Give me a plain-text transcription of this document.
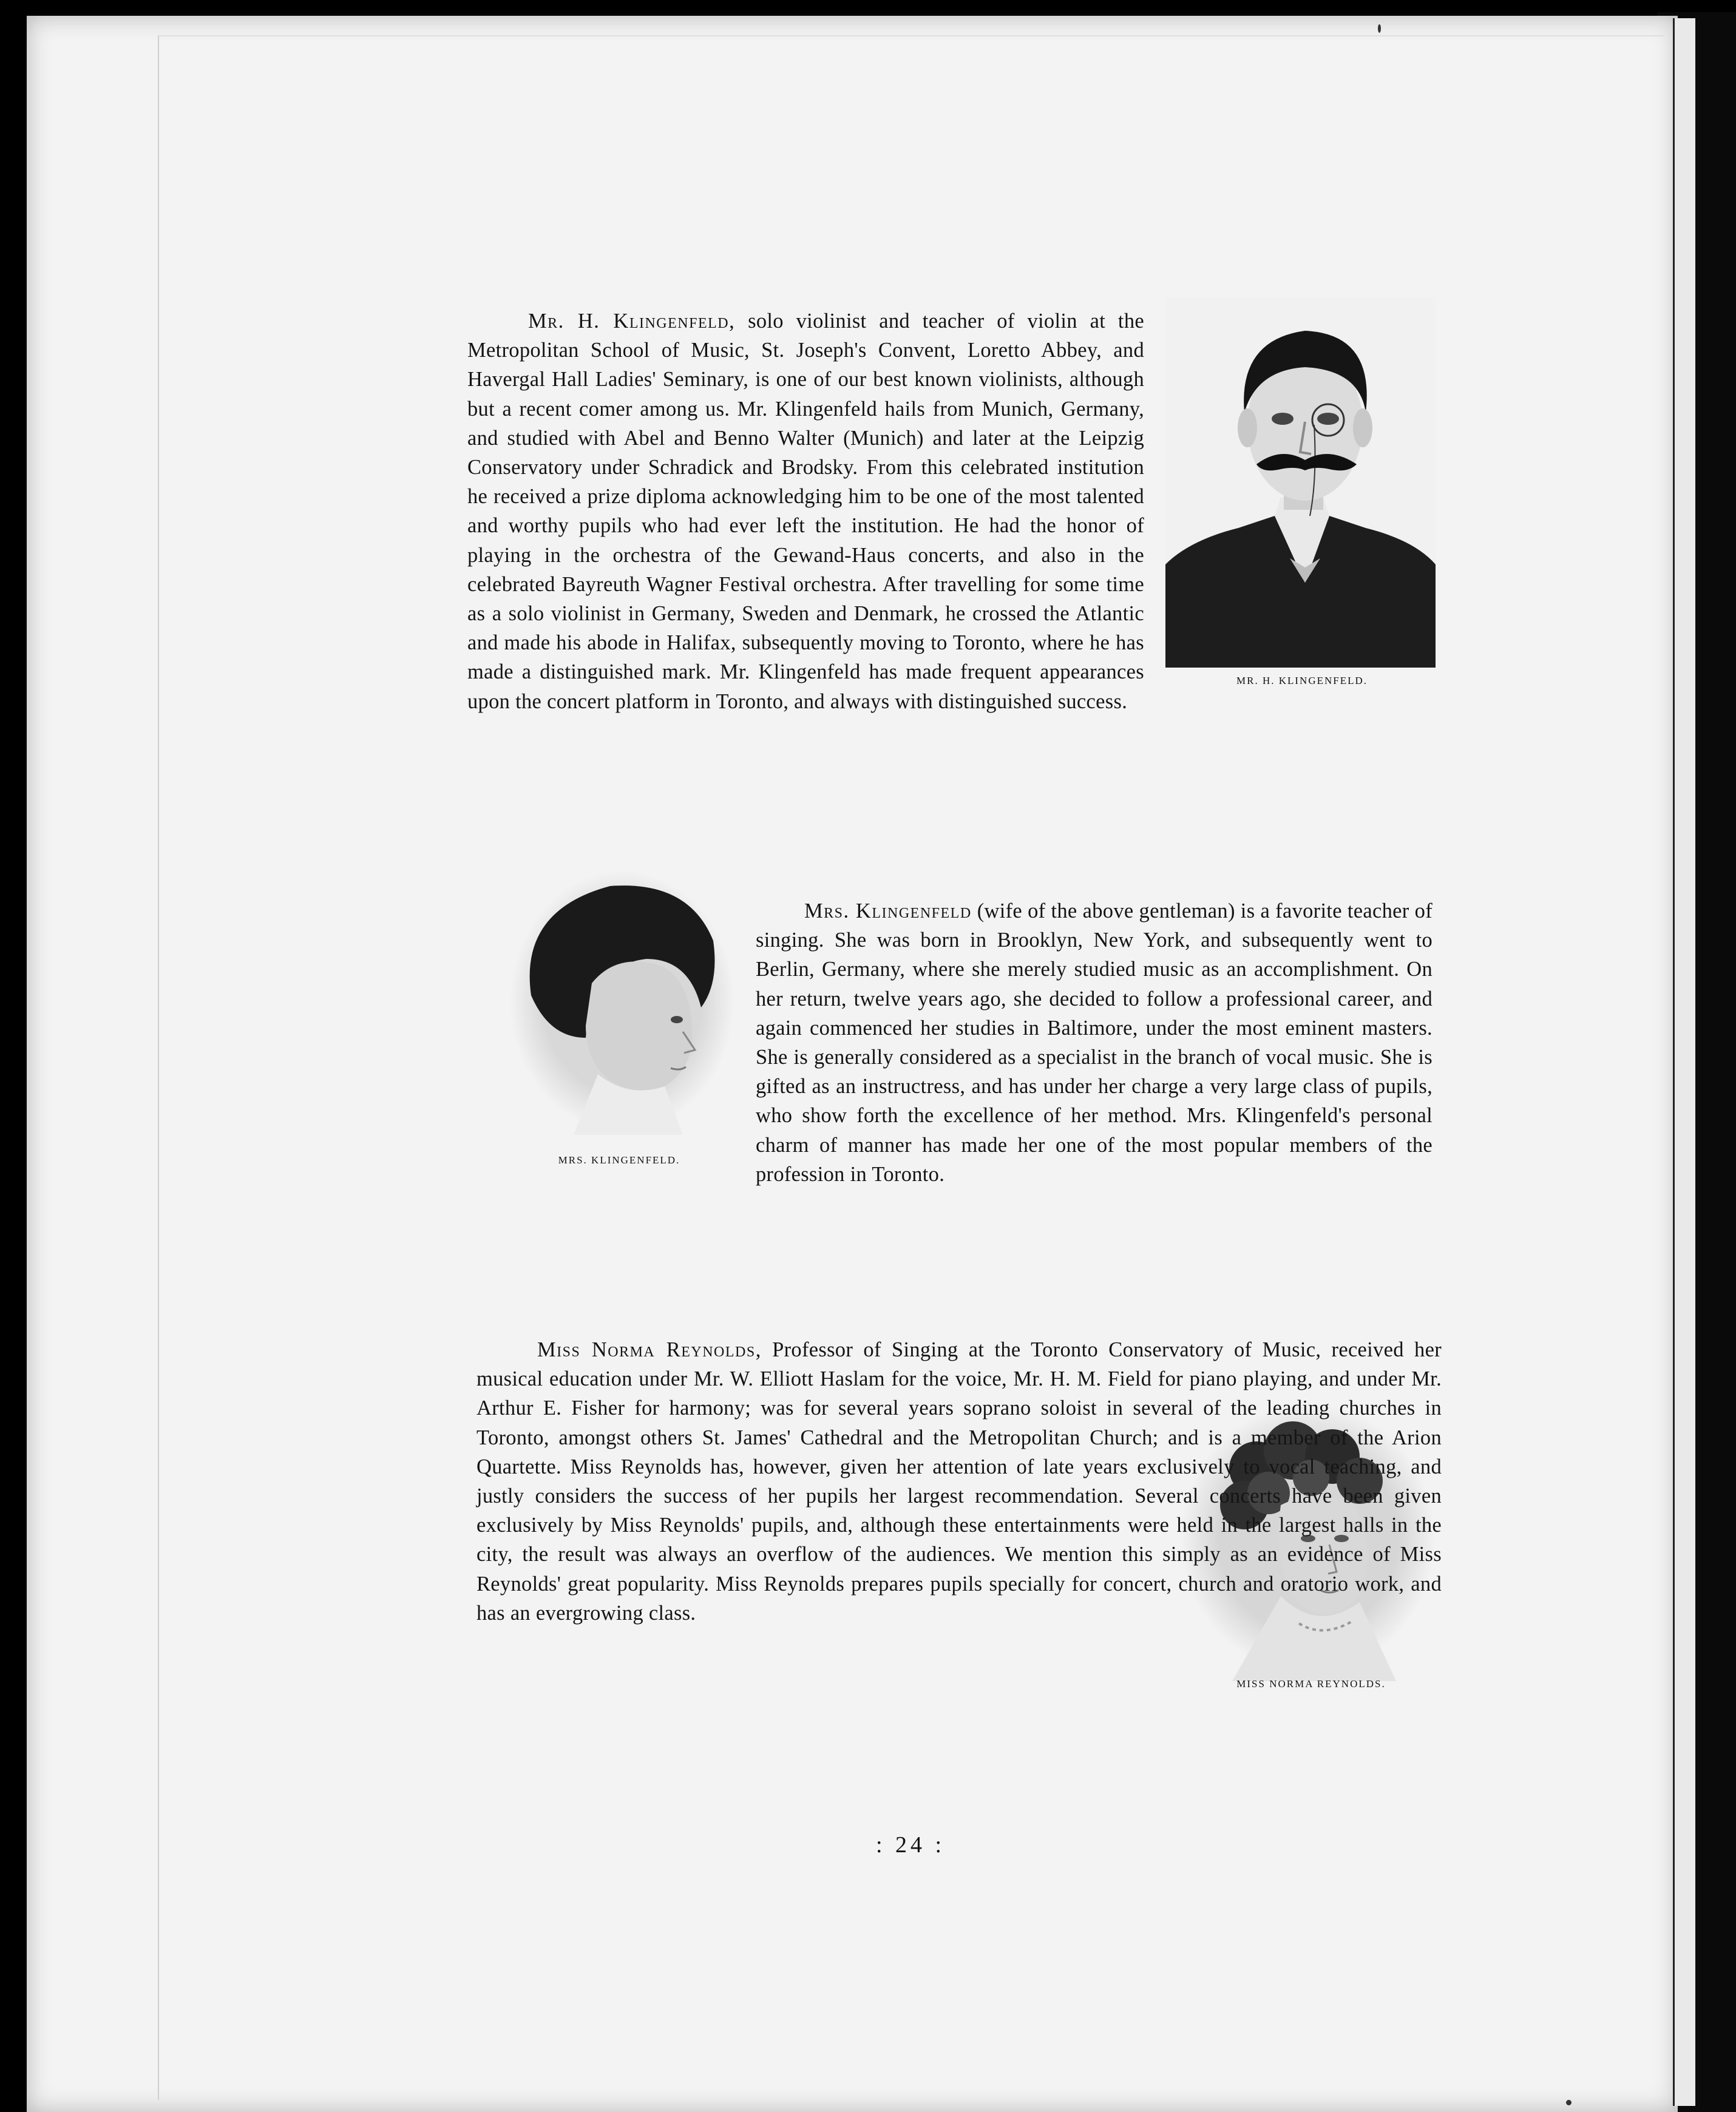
MR. H. KLINGENFELD.

Mr. H. Klingenfeld, solo violinist and teacher of violin at the Metropolitan School of Music, St. Joseph's Convent, Loretto Abbey, and Havergal Hall Ladies' Seminary, is one of our best known violinists, although but a recent comer among us. Mr. Klingenfeld hails from Munich, Germany, and studied with Abel and Benno Walter (Munich) and later at the Leipzig Conservatory under Schradick and Brodsky. From this celebrated institution he received a prize diploma acknowledging him to be one of the most talented and worthy pupils who had ever left the institution. He had the honor of playing in the orchestra of the Gewand-Haus concerts, and also in the celebrated Bayreuth Wagner Festival orchestra. After travelling for some time as a solo violinist in Germany, Sweden and Denmark, he crossed the Atlantic and made his abode in Halifax, subsequently moving to Toronto, where he has made a distinguished mark. Mr. Klingenfeld has made frequent appearances upon the concert platform in Toronto, and always with distinguished success.

MRS. KLINGENFELD.

Mrs. Klingenfeld (wife of the above gentleman) is a favorite teacher of singing. She was born in Brooklyn, New York, and subsequently went to Berlin, Germany, where she merely studied music as an accomplishment. On her return, twelve years ago, she decided to follow a professional career, and again commenced her studies in Baltimore, under the most eminent masters. She is generally considered as a specialist in the branch of vocal music. She is gifted as an instructress, and has under her charge a very large class of pupils, who show forth the excellence of her method. Mrs. Klingenfeld's personal charm of manner has made her one of the most popular members of the profession in Toronto.

MISS NORMA REYNOLDS.

Miss Norma Reynolds, Professor of Singing at the Toronto Conservatory of Music, received her musical education under Mr. W. Elliott Haslam for the voice, Mr. H. M. Field for piano playing, and under Mr. Arthur E. Fisher for harmony; was for several years soprano soloist in several of the leading churches in Toronto, amongst others St. James' Cathedral and the Metropolitan Church; and is a member of the Arion Quartette. Miss Reynolds has, however, given her attention of late years exclusively to vocal teaching, and justly considers the success of her pupils her largest recommendation. Several concerts have been given exclusively by Miss Reynolds' pupils, and, although these entertainments were held in the largest halls in the city, the result was always an overflow of the audiences. We mention this simply as an evidence of Miss Reynolds' great popularity. Miss Reynolds prepares pupils specially for concert, church and oratorio work, and has an evergrowing class.

: 24 :
